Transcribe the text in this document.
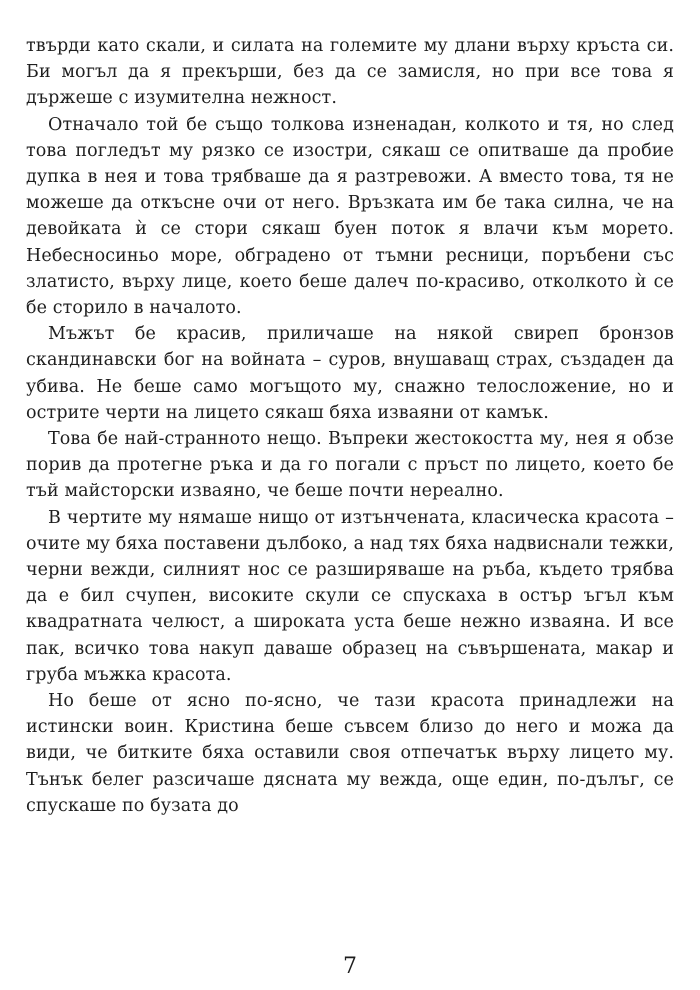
твърди като скали, и силата на големите му длани върху кръста си. Би могъл да я прекърши, без да се замисля, но при все това я държеше с изумителна нежност.

Отначало той бе също толкова изненадан, колкото и тя, но след това погледът му рязко се изостри, сякаш се опитваше да пробие дупка в нея и това трябваше да я разтревожи. А вместо това, тя не можеше да откъсне очи от него. Връзката им бе така силна, че на девойката ѝ се стори сякаш буен поток я влачи към морето. Небесносиньо море, обградено от тъмни ресници, поръбени със златисто, върху лице, което беше далеч по-красиво, отколкото ѝ се бе сторило в началото.

Мъжът бе красив, приличаше на някой свиреп бронзов скандинавски бог на войната – суров, внушаващ страх, създаден да убива. Не беше само могъщото му, снажно телосложение, но и острите черти на лицето сякаш бяха изваяни от камък.

Това бе най-странното нещо. Въпреки жестокостта му, нея я обзе порив да протегне ръка и да го погали с пръст по лицето, което бе тъй майсторски изваяно, че беше почти нереално.

В чертите му нямаше нищо от изтънчената, класическа красота – очите му бяха поставени дълбоко, а над тях бяха надвиснали тежки, черни вежди, силният нос се разширяваше на ръба, където трябва да е бил счупен, високите скули се спускаха в остър ъгъл към квадратната челюст, а широката уста беше нежно изваяна. И все пак, всичко това накуп даваше образец на съвършената, макар и груба мъжка красота.

Но беше от ясно по-ясно, че тази красота принадлежи на истински воин. Кристина беше съвсем близо до него и можа да види, че битките бяха оставили своя отпечатък върху лицето му. Тънък белег разсичаше дясната му вежда, още един, по-дълъг, се спускаше по бузата до

7
